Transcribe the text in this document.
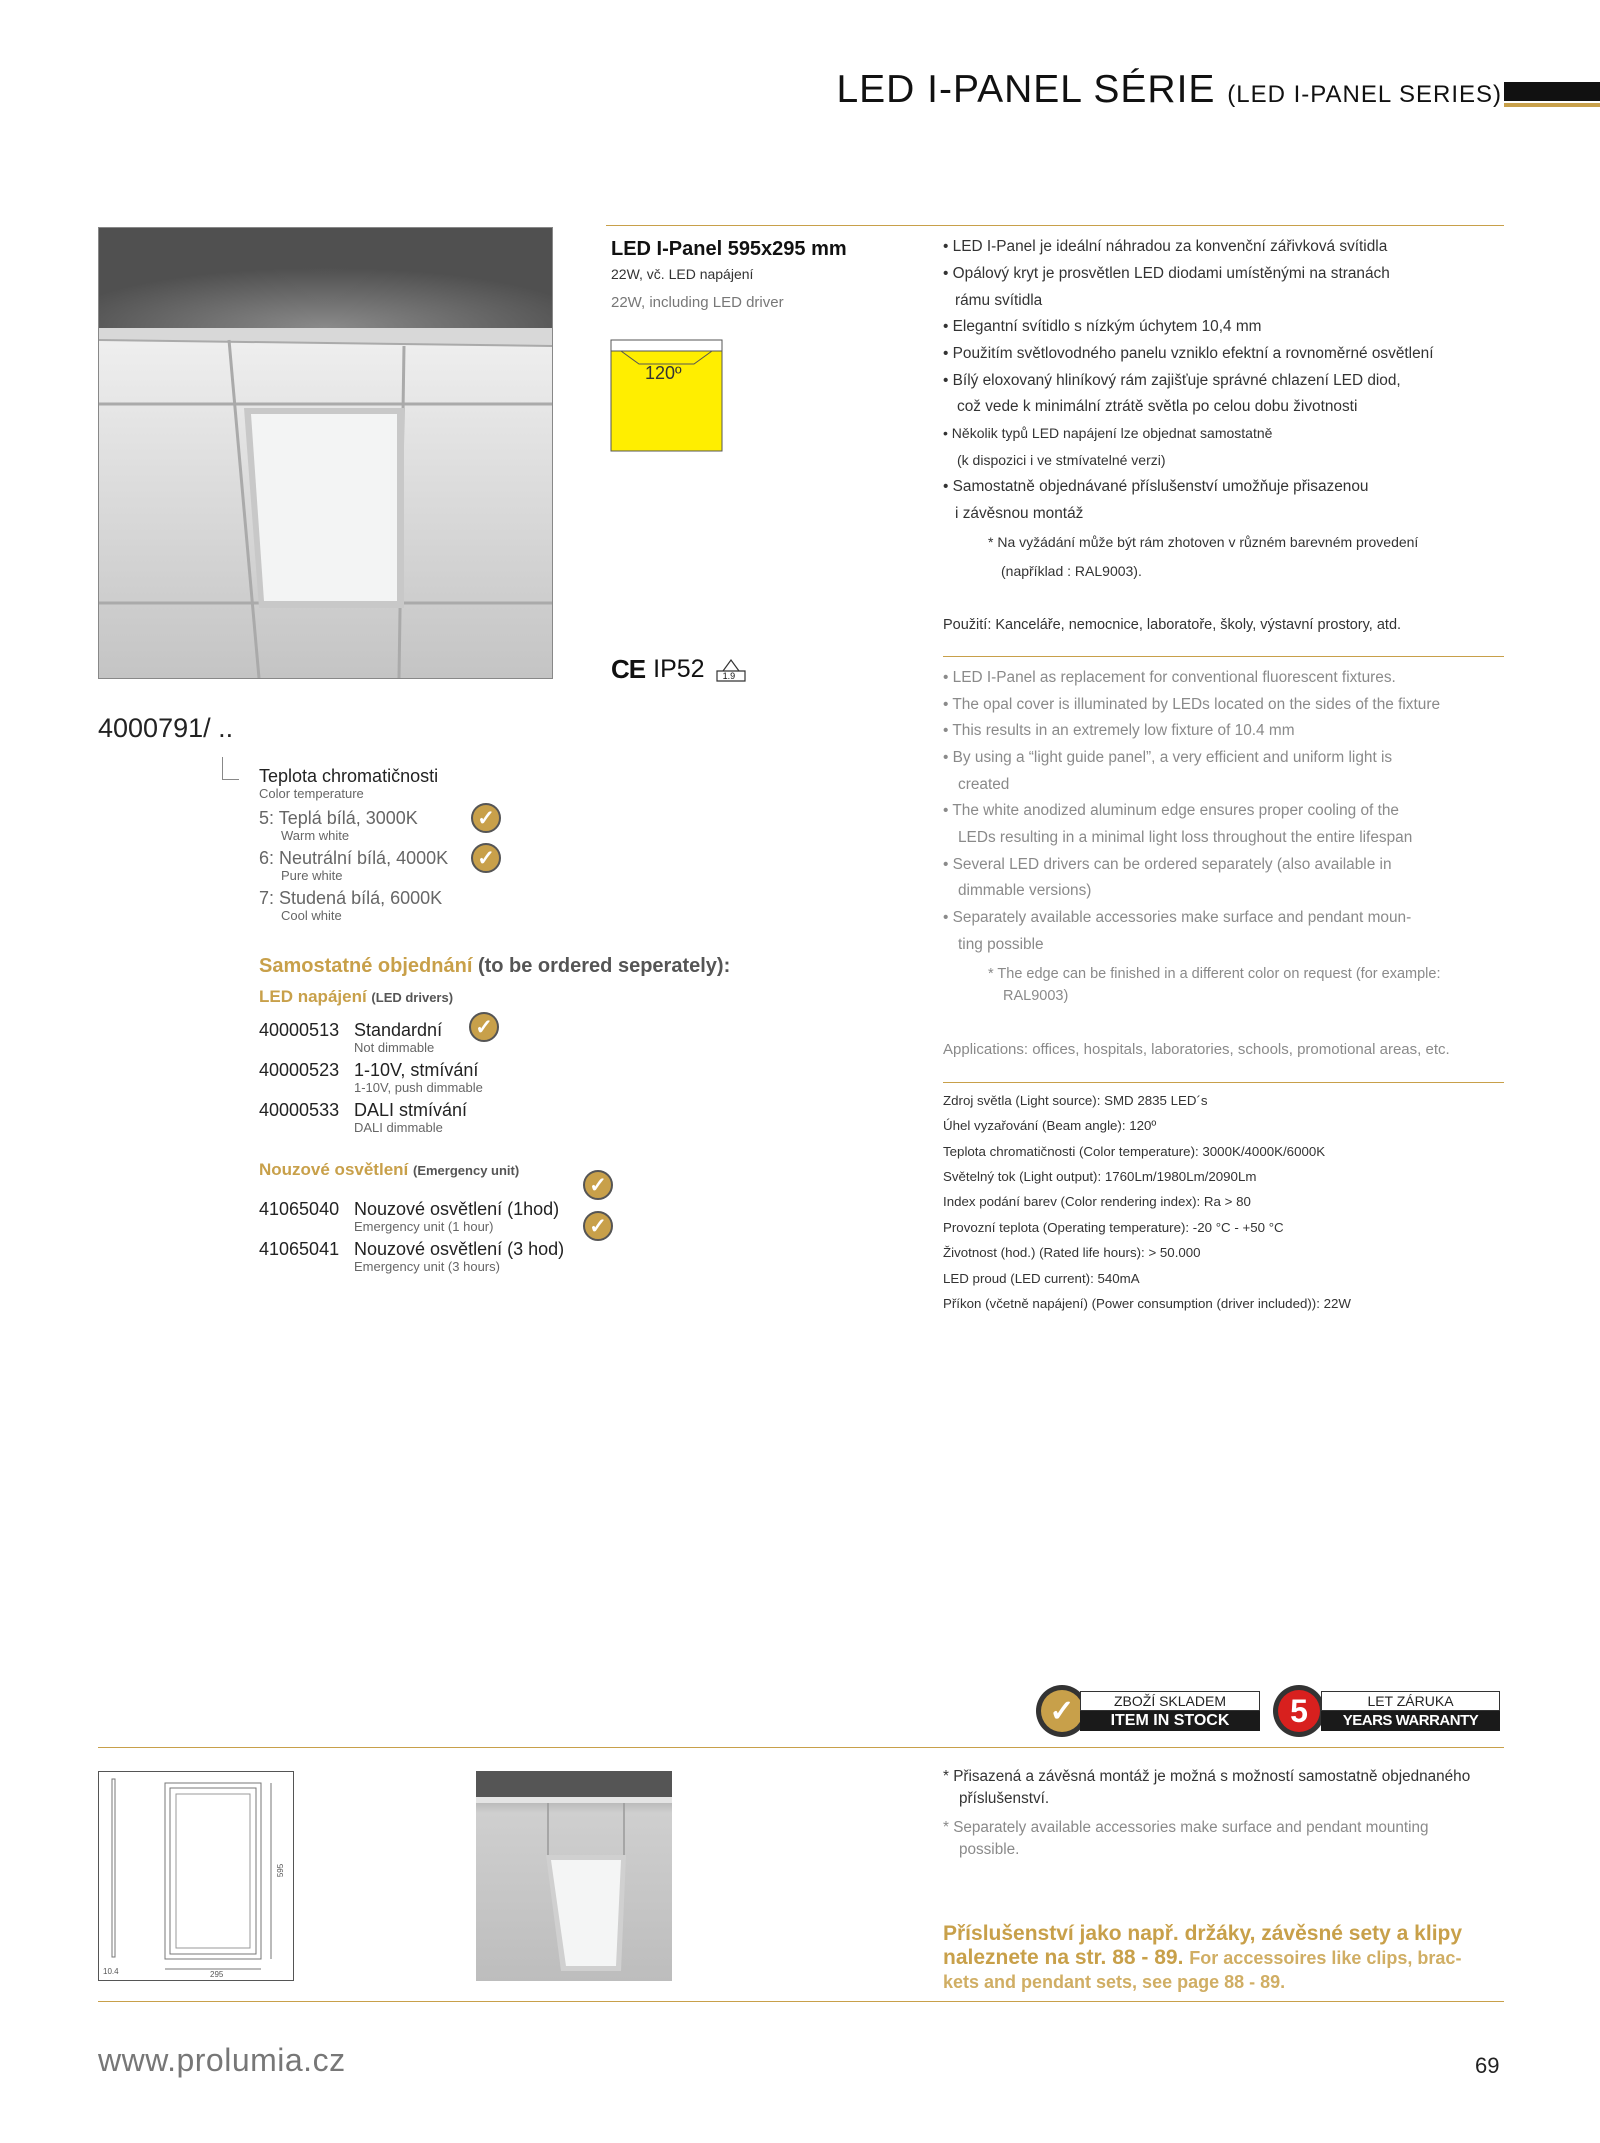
LED I-PANEL SÉRIE (LED I-PANEL SERIES)
LED I-Panel 595x295 mm
22W, vč. LED napájení
22W, including LED driver
120º
CE IP52 1.9
• LED I-Panel je ideální náhradou za konvenční zářivková svítidla
• Opálový kryt je prosvětlen LED diodami umístěnými na stranách
rámu svítidla
• Elegantní svítidlo s nízkým úchytem 10,4 mm
• Použitím světlovodného panelu vzniklo efektní a rovnoměrné osvětlení
• Bílý eloxovaný hliníkový rám zajišťuje správné chlazení LED diod,
což vede k minimální ztrátě světla po celou dobu životnosti
• Několik typů LED napájení lze objednat samostatně
(k dispozici i ve stmívatelné verzi)
• Samostatně objednávané příslušenství umožňuje přisazenou
i závěsnou montáž
* Na vyžádání může být rám zhotoven v různém barevném provedení
(například : RAL9003).
Použití: Kanceláře, nemocnice, laboratoře, školy, výstavní prostory, atd.
• LED I-Panel as replacement for conventional fluorescent fixtures.
• The opal cover is illuminated by LEDs located on the sides of the fixture
• This results in an extremely low fixture of 10.4 mm
• By using a “light guide panel”, a very efficient and uniform light is
created
• The white anodized aluminum edge ensures proper cooling of the
LEDs resulting in a minimal light loss throughout the entire lifespan
• Several LED drivers can be ordered separately (also available in
dimmable versions)
• Separately available accessories make surface and pendant moun-
ting possible
* The edge can be finished in a different color on request (for example:
RAL9003)
Applications: offices, hospitals, laboratories, schools, promotional areas, etc.
Zdroj světla (Light source): SMD 2835 LED´s
Úhel vyzařování (Beam angle): 120º
Teplota chromatičnosti (Color temperature): 3000K/4000K/6000K
Světelný tok (Light output): 1760Lm/1980Lm/2090Lm
Index podání barev (Color rendering index): Ra > 80
Provozní teplota (Operating temperature): -20 °C - +50 °C
Životnost (hod.) (Rated life hours): > 50.000
LED proud (LED current): 540mA
Příkon (včetně napájení) (Power consumption (driver included)): 22W
4000791/ ..
Teplota chromatičnosti
Color temperature
5: Teplá bílá, 3000K
Warm white
✓
6: Neutrální bílá, 4000K
Pure white
✓
7: Studená bílá, 6000K
Cool white
Samostatné objednání (to be ordered seperately):
LED napájení (LED drivers)
40000513 Standardní
Not dimmable
✓
40000523 1-10V, stmívání
1-10V, push dimmable
40000533 DALI stmívání
DALI dimmable
Nouzové osvětlení (Emergency unit)
✓
41065040 Nouzové osvětlení (1hod)
Emergency unit (1 hour)	✓
41065041 Nouzové osvětlení (3 hod)
Emergency unit (3 hours)
✓	ZBOŽÍ SKLADEM
ITEM IN STOCK	5	LET ZÁRUKA
YEARS WARRANTY
10.4	295
595
* Přisazená a závěsná montáž je možná s možností samostatně objednaného
příslušenství.
* Separately available accessories make surface and pendant mounting
possible.
Příslušenství jako např. držáky, závěsné sety a klipy
naleznete na str. 88 - 89. For accessoires like clips, brac-
kets and pendant sets, see page 88 - 89.
www.prolumia.cz	69
